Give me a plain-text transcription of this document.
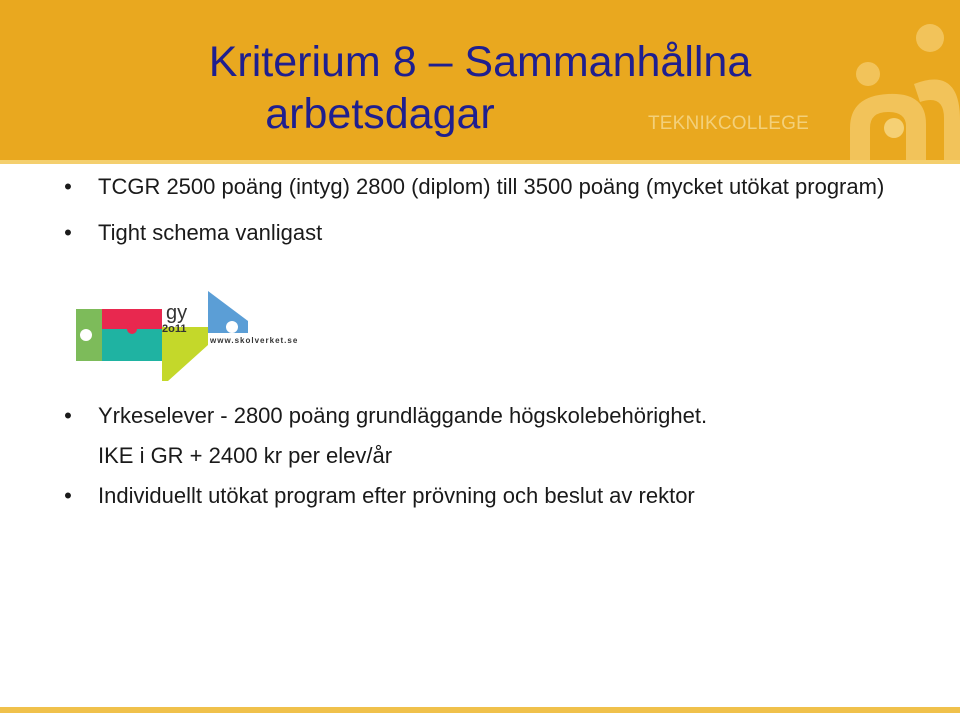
Kriterium 8 – Sammanhållna
arbetsdagar	TEKNIKCOLLEGE
• TCGR 2500 poäng (intyg) 2800 (diplom) till 3500 poäng (mycket utökat program)
• Tight schema vanligast
gy
2o11
www.skolverket.se
• Yrkeselever - 2800 poäng grundläggande högskolebehörighet.
IKE i GR + 2400 kr per elev/år
• Individuellt utökat program efter prövning och beslut av rektor
